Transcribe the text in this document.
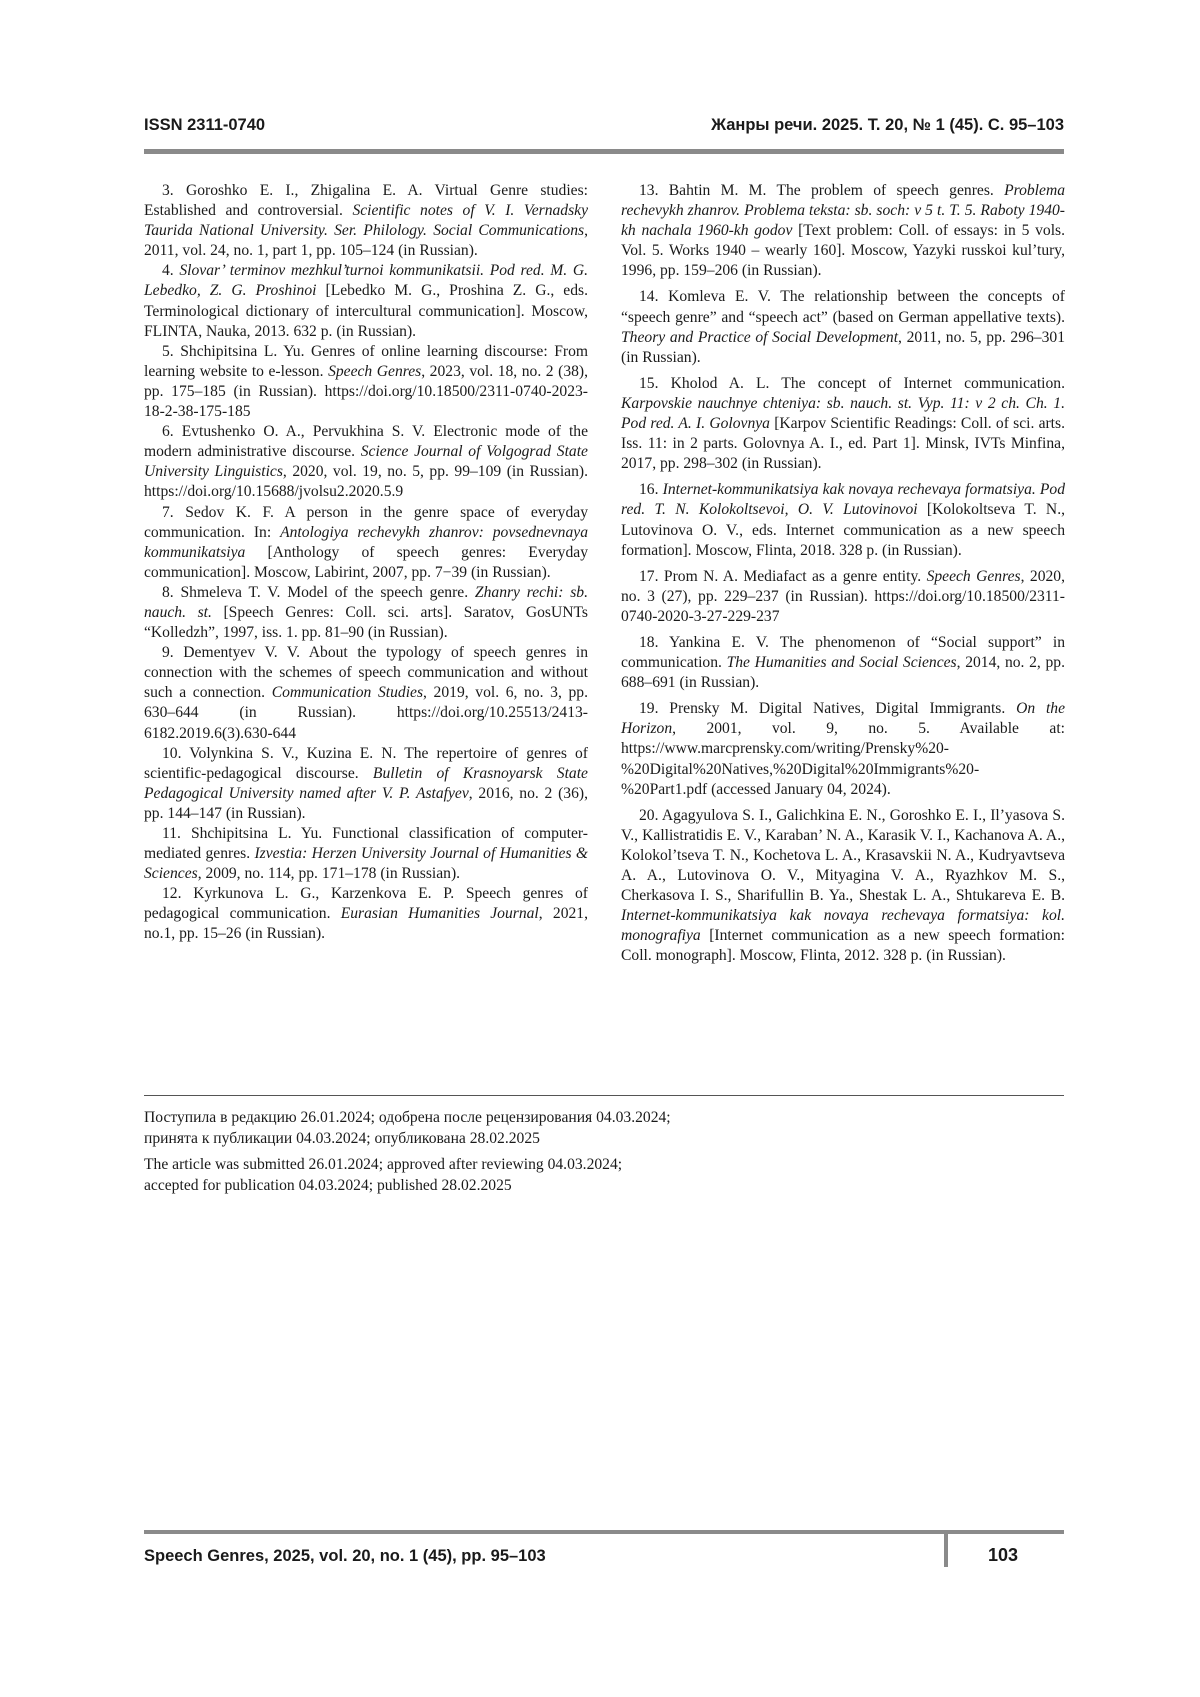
ISSN 2311-0740	Жанры речи. 2025. Т. 20, № 1 (45). С. 95–103

3. Goroshko E. I., Zhigalina E. A. Virtual Genre studies: Established and controversial. Scientific notes of V. I. Vernadsky Taurida National University. Ser. Philology. Social Communications, 2011, vol. 24, no. 1, part 1, pp. 105–124 (in Russian).

4. Slovar’ terminov mezhkul’turnoi kommunikatsii. Pod red. M. G. Lebedko, Z. G. Proshinoi [Lebedko M. G., Proshina Z. G., eds. Terminological dictionary of intercultural communication]. Moscow, FLINTA, Nauka, 2013. 632 p. (in Russian).

5. Shchipitsina L. Yu. Genres of online learning discourse: From learning website to e-lesson. Speech Genres, 2023, vol. 18, no. 2 (38), pp. 175–185 (in Russian). https://doi.org/10.18500/2311-0740-2023-18-2-38-175-185

6. Evtushenko O. A., Pervukhina S. V. Electronic mode of the modern administrative discourse. Science Journal of Volgograd State University Linguistics, 2020, vol. 19, no. 5, pp. 99–109 (in Russian). https://doi.org/10.15688/jvolsu2.2020.5.9

7. Sedov K. F. A person in the genre space of everyday communication. In: Antologiya rechevykh zhanrov: povsednevnaya kommunikatsiya [Anthology of speech genres: Everyday communication]. Moscow, Labirint, 2007, pp. 7−39 (in Russian).

8. Shmeleva T. V. Model of the speech genre. Zhanry rechi: sb. nauch. st. [Speech Genres: Coll. sci. arts]. Saratov, GosUNTs “Kolledzh”, 1997, iss. 1. pp. 81–90 (in Russian).

9. Dementyev V. V. About the typology of speech genres in connection with the schemes of speech communication and without such a connection. Communication Studies, 2019, vol. 6, no. 3, pp. 630–644 (in Russian). https://doi.org/10.25513/2413-6182.2019.6(3).630-644

10. Volynkina S. V., Kuzina E. N. The repertoire of genres of scientific-pedagogical discourse. Bulletin of Krasnoyarsk State Pedagogical University named after V. P. Astafyev, 2016, no. 2 (36), pp. 144–147 (in Russian).

11. Shchipitsina L. Yu. Functional classification of computer-mediated genres. Izvestia: Herzen University Journal of Humanities & Sciences, 2009, no. 114, pp. 171–178 (in Russian).

12. Kyrkunova L. G., Karzenkova E. P. Speech genres of pedagogical communication. Eurasian Humanities Journal, 2021, no.1, pp. 15–26 (in Russian).

13. Bahtin M. M. The problem of speech genres. Problema rechevykh zhanrov. Problema teksta: sb. soch: v 5 t. T. 5. Raboty 1940-kh nachala 1960-kh godov [Text problem: Coll. of essays: in 5 vols. Vol. 5. Works 1940 – wearly 160]. Moscow, Yazyki russkoi kul’tury, 1996, pp. 159–206 (in Russian).

14. Komleva E. V. The relationship between the concepts of “speech genre” and “speech act” (based on German appellative texts). Theory and Practice of Social Development, 2011, no. 5, pp. 296–301 (in Russian).

15. Kholod A. L. The concept of Internet communication. Karpovskie nauchnye chteniya: sb. nauch. st. Vyp. 11: v 2 ch. Ch. 1. Pod red. A. I. Golovnya [Karpov Scientific Readings: Coll. of sci. arts. Iss. 11: in 2 parts. Golovnya A. I., ed. Part 1]. Minsk, IVTs Minfina, 2017, pp. 298–302 (in Russian).

16. Internet-kommunikatsiya kak novaya rechevaya formatsiya. Pod red. T. N. Kolokoltsevoi, O. V. Lutovinovoi [Kolokoltseva T. N., Lutovinova O. V., eds. Internet communication as a new speech formation]. Moscow, Flinta, 2018. 328 p. (in Russian).

17. Prom N. A. Mediafact as a genre entity. Speech Genres, 2020, no. 3 (27), pp. 229–237 (in Russian). https://doi.org/10.18500/2311-0740-2020-3-27-229-237

18. Yankina E. V. The phenomenon of “Social support” in communication. The Humanities and Social Sciences, 2014, no. 2, pp. 688–691 (in Russian).

19. Prensky M. Digital Natives, Digital Immigrants. On the Horizon, 2001, vol. 9, no. 5. Available at: https://www.marcprensky.com/writing/Prensky%20-%20Digital%20Natives,%20Digital%20Immigrants%20-%20Part1.pdf (accessed January 04, 2024).

20. Agagyulova S. I., Galichkina E. N., Goroshko E. I., Il’yasova S. V., Kallistratidis E. V., Karaban’ N. A., Karasik V. I., Kachanova A. A., Kolokol’tseva T. N., Kochetova L. A., Krasavskii N. A., Kudryavtseva A. A., Lutovinova O. V., Mityagina V. A., Ryazhkov M. S., Cherkasova I. S., Sharifullin B. Ya., Shestak L. A., Shtukareva E. B. Internet-kommunikatsiya kak novaya rechevaya formatsiya: kol. monografiya [Internet communication as a new speech formation: Coll. monograph]. Moscow, Flinta, 2012. 328 p. (in Russian).

Поступила в редакцию 26.01.2024; одобрена после рецензирования 04.03.2024;

принята к публикации 04.03.2024; опубликована 28.02.2025

The article was submitted 26.01.2024; approved after reviewing 04.03.2024;

accepted for publication 04.03.2024; published 28.02.2025

Speech Genres, 2025, vol. 20, no. 1 (45), pp. 95–103	103
